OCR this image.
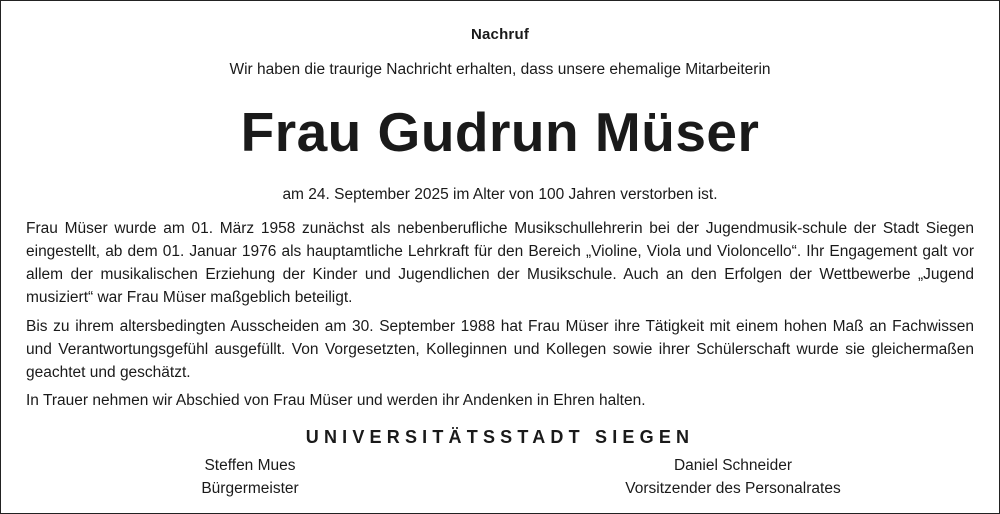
Nachruf
Wir haben die traurige Nachricht erhalten, dass unsere ehemalige Mitarbeiterin
Frau Gudrun Müser
am 24. September 2025 im Alter von 100 Jahren verstorben ist.

Frau Müser wurde am 01. März 1958 zunächst als nebenberufliche Musikschullehrerin bei der Jugendmusik-schule der Stadt Siegen eingestellt, ab dem 01. Januar 1976 als hauptamtliche Lehrkraft für den Bereich „Violine, Viola und Violoncello“. Ihr Engagement galt vor allem der musikalischen Erziehung der Kinder und Jugendlichen der Musikschule. Auch an den Erfolgen der Wettbewerbe „Jugend musiziert“ war Frau Müser maßgeblich beteiligt.

Bis zu ihrem altersbedingten Ausscheiden am 30. September 1988 hat Frau Müser ihre Tätigkeit mit einem hohen Maß an Fachwissen und Verantwortungsgefühl ausgefüllt. Von Vorgesetzten, Kolleginnen und Kollegen sowie ihrer Schülerschaft wurde sie gleichermaßen geachtet und geschätzt.

In Trauer nehmen wir Abschied von Frau Müser und werden ihr Andenken in Ehren halten.

UNIVERSITÄTSSTADT SIEGEN
Steffen Mues
Bürgermeister
Daniel Schneider
Vorsitzender des Personalrates
